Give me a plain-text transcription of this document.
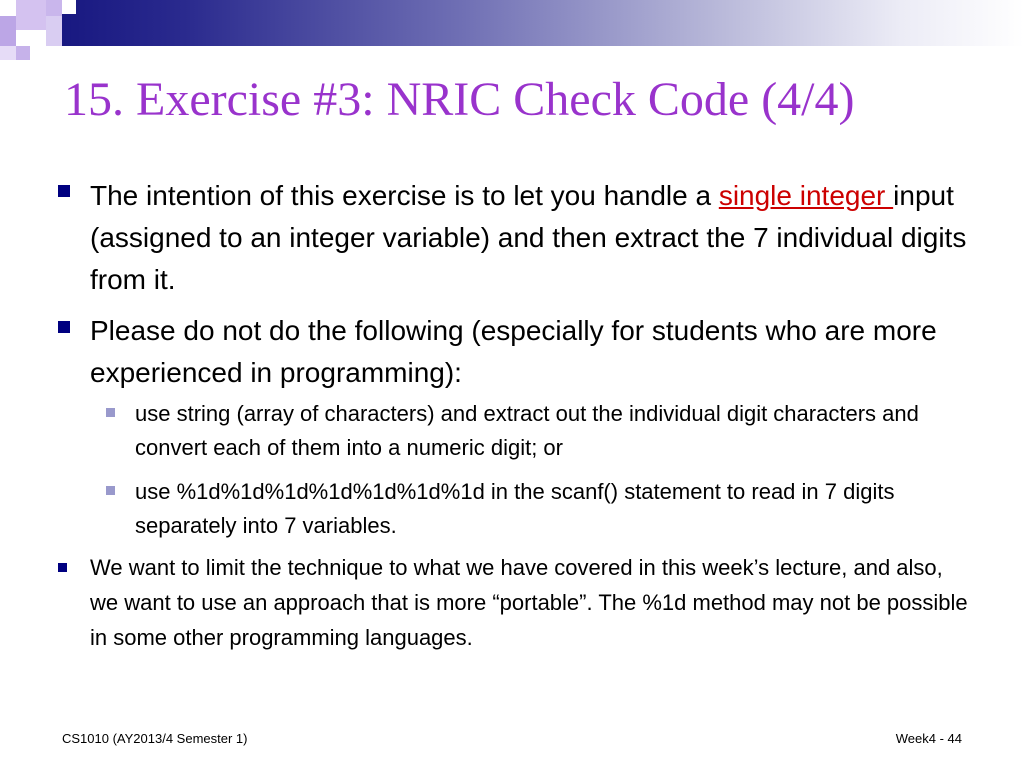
15. Exercise #3: NRIC Check Code (4/4)
The intention of this exercise is to let you handle a single integer input (assigned to an integer variable) and then extract the 7 individual digits from it.
Please do not do the following (especially for students who are more experienced in programming):
use string (array of characters) and extract out the individual digit characters and convert each of them into a numeric digit; or
use %1d%1d%1d%1d%1d%1d%1d in the scanf() statement to read in 7 digits separately into 7 variables.
We want to limit the technique to what we have covered in this week’s lecture, and also, we want to use an approach that is more “portable”. The %1d method may not be possible in some other programming languages.
CS1010 (AY2013/4 Semester 1)	Week4 - 44
